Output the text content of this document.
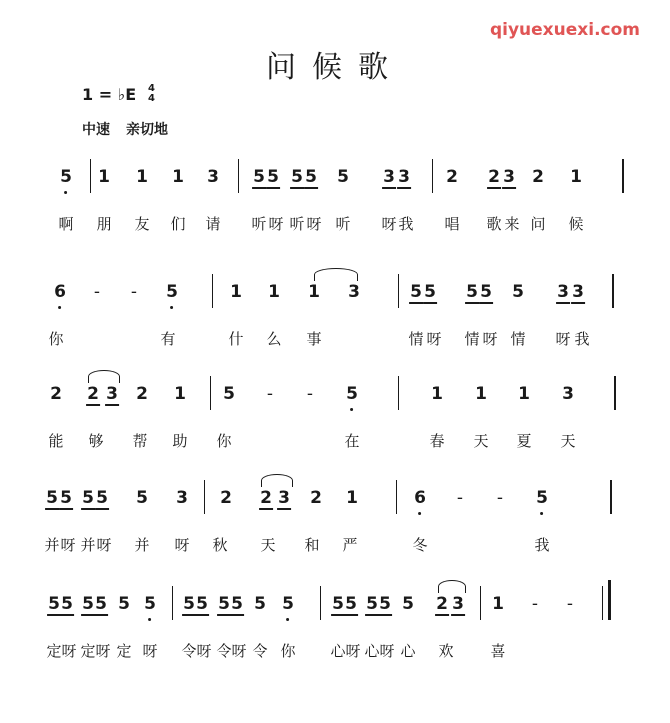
qiyuexuexi.com
问候歌
1 = ♭E 4
4
中速 亲切地
5 1 1 1 3 5 5 5 5 5 3 3 2 2 3 2 1
啊 朋 友 们 请 听 呀 听 呀 听 呀 我 唱 歌 来 问 候
6 - - 5	1 1 1 3	5 5 5 5 5 3 3
你	有	什 么 事	情 呀 情 呀 情 呀 我
2 2 3 2 1 5 - - 5	1 1 1 3
能 够 帮 助 你	在	春 天 夏 天
5 5 5 5 5 3 2 2 3 2 1	6 - - 5
并 呀 并 呀 并 呀 秋 天 和 严	冬	我
5 5 5 5 5 5 5 5 5 5 5 5 5 5 5 5 5 2 3 1 - -
定 呀 定 呀 定 呀 令 呀 令 呀 令 你 心 呀 心 呀 心 欢 喜
